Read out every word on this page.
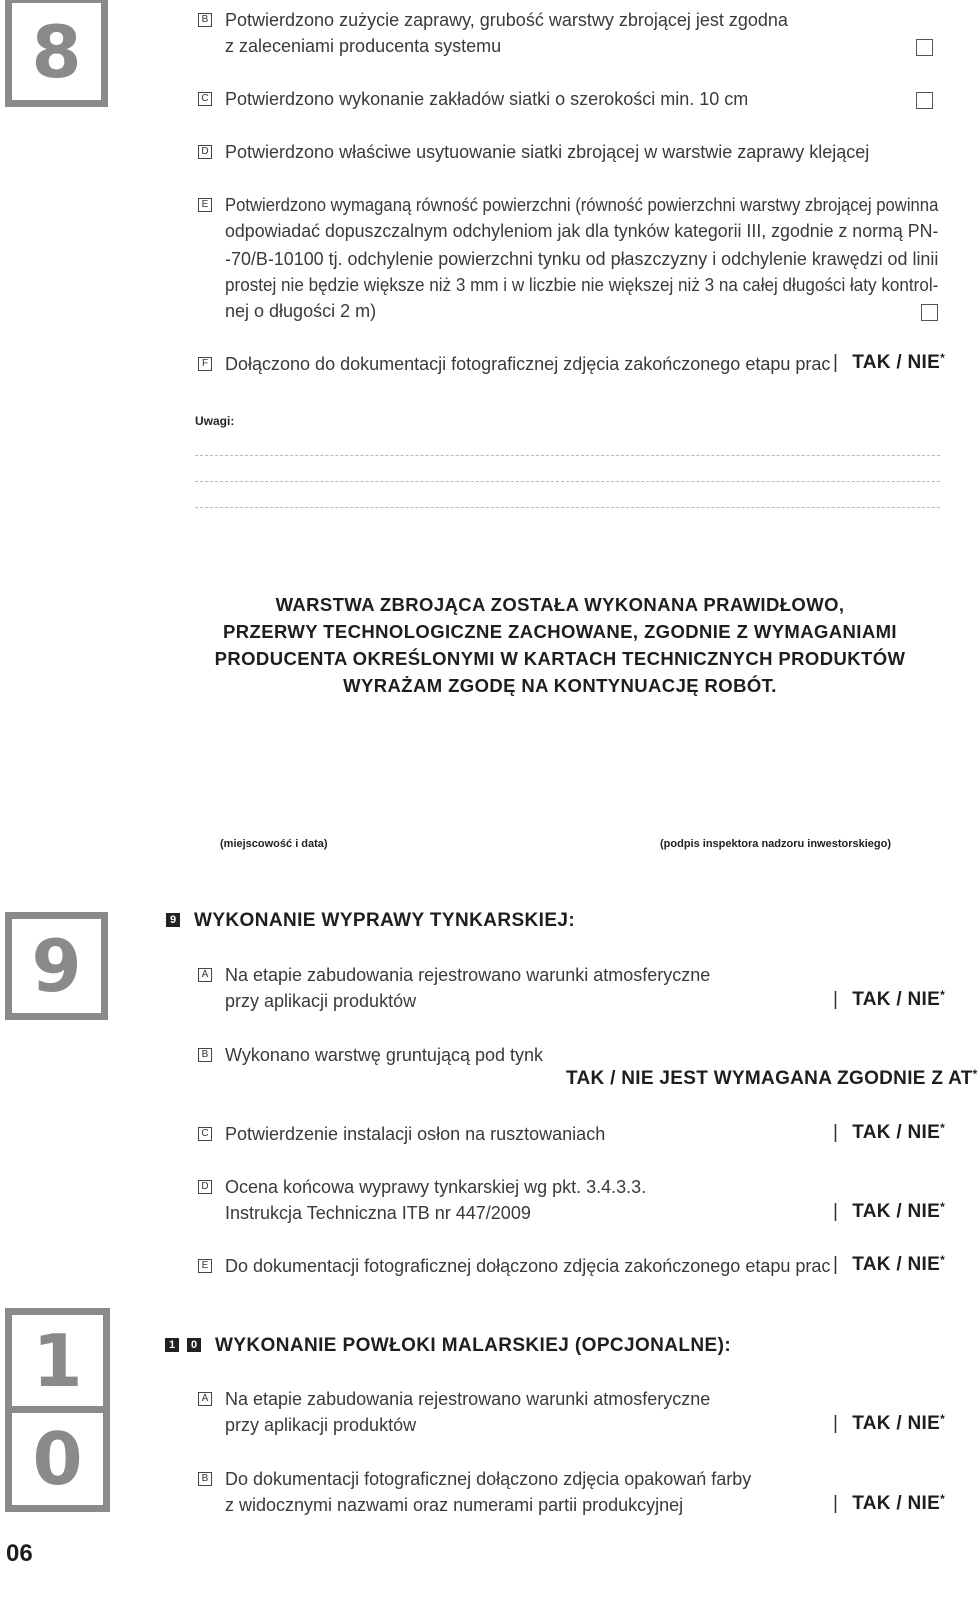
8	B Potwierdzono zużycie zaprawy, grubość warstwy zbrojącej jest zgodna
z zaleceniami producenta systemu
C Potwierdzono wykonanie zakładów siatki o szerokości min. 10 cm
D Potwierdzono właściwe usytuowanie siatki zbrojącej w warstwie zaprawy klejącej
E Potwierdzono wymaganą równość powierzchni (równość powierzchni warstwy zbrojącej powinna
odpowiadać dopuszczalnym odchyleniom jak dla tynków kategorii III, zgodnie z normą PN-
-70/B-10100 tj. odchylenie powierzchni tynku od płaszczyzny i odchylenie krawędzi od linii
prostej nie będzie większe niż 3 mm i w liczbie nie większej niż 3 na całej długości łaty kontrol-
nej o długości 2 m)
F Dołączono do dokumentacji fotograficznej zdjęcia zakończonego etapu prac | TAK / NIE*
Uwagi:
WARSTWA ZBROJĄCA ZOSTAŁA WYKONANA PRAWIDŁOWO,
PRZERWY TECHNOLOGICZNE ZACHOWANE, ZGODNIE Z WYMAGANIAMI
PRODUCENTA OKREŚLONYMI W KARTACH TECHNICZNYCH PRODUKTÓW
WYRAŻAM ZGODĘ NA KONTYNUACJĘ ROBÓT.
(miejscowość i data)	(podpis inspektora nadzoru inwestorskiego)
9
9 WYKONANIE WYPRAWY TYNKARSKIEJ:
A Na etapie zabudowania rejestrowano warunki atmosferyczne
przy aplikacji produktów	| TAK / NIE*
B Wykonano warstwę gruntującą pod tynk
TAK / NIE JEST WYMAGANA ZGODNIE Z AT*
C Potwierdzenie instalacji osłon na rusztowaniach	| TAK / NIE*
D Ocena końcowa wyprawy tynkarskiej wg pkt. 3.4.3.3.
Instrukcja Techniczna ITB nr 447/2009	| TAK / NIE*
E Do dokumentacji fotograficznej dołączono zdjęcia zakończonego etapu prac | TAK / NIE*
1
0
1	0 WYKONANIE POWŁOKI MALARSKIEJ (OPCJONALNE):
A Na etapie zabudowania rejestrowano warunki atmosferyczne
przy aplikacji produktów	| TAK / NIE*
B Do dokumentacji fotograficznej dołączono zdjęcia opakowań farby
z widocznymi nazwami oraz numerami partii produkcyjnej	| TAK / NIE*
06
